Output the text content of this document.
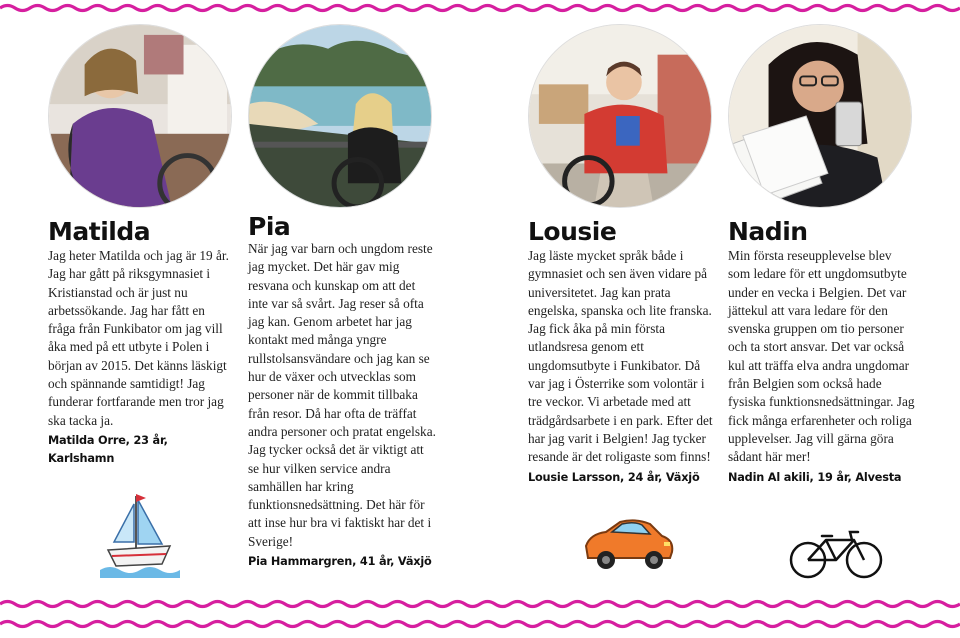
Matilda
Jag heter Matilda och jag är 19 år. Jag har gått på riksgymnasiet i Kristianstad och är just nu arbetssökande. Jag har fått en fråga från Funkibator om jag vill åka med på ett utbyte i Polen i början av 2015. Det känns läskigt och spännande samtidigt! Jag funderar fortfarande men tror jag ska tacka ja.
Matilda Orre, 23 år, Karlshamn
Pia
När jag var barn och ungdom reste jag mycket. Det här gav mig resvana och kunskap om att det inte var så svårt. Jag reser så ofta jag kan. Genom arbetet har jag kontakt med många yngre rullstolsansvändare och jag kan se hur de växer och utvecklas som personer när de kommit tillbaka från resor. Då har ofta de träffat andra personer och pratat engelska. Jag tycker också det är viktigt att se hur vilken service andra samhällen har kring funktionsnedsättning. Det här för att inse hur bra vi faktiskt har det i Sverige!
Pia Hammargren, 41 år, Växjö
Lousie
Jag läste mycket språk både i gymnasiet och sen även vidare på universitetet. Jag kan prata engelska, spanska och lite franska. Jag fick åka på min första utlandsresa genom ett ungdomsutbyte i Funkibator. Då var jag i Österrike som volontär i tre veckor. Vi arbetade med att trädgårdsarbete i en park. Efter det har jag varit i Belgien! Jag tycker resande är det roligaste som finns!
Lousie Larsson, 24 år, Växjö
Nadin
Min första reseupplevelse blev som ledare för ett ungdomsutbyte under en vecka i Belgien. Det var jättekul att vara ledare för den svenska gruppen om tio personer och ta stort ansvar. Det var också kul att träffa elva andra ungdomar från Belgien som också hade fysiska funktionsnedsättningar. Jag fick många erfarenheter och roliga upplevelser. Jag vill gärna göra sådant här mer!
Nadin Al akili, 19 år, Alvesta
